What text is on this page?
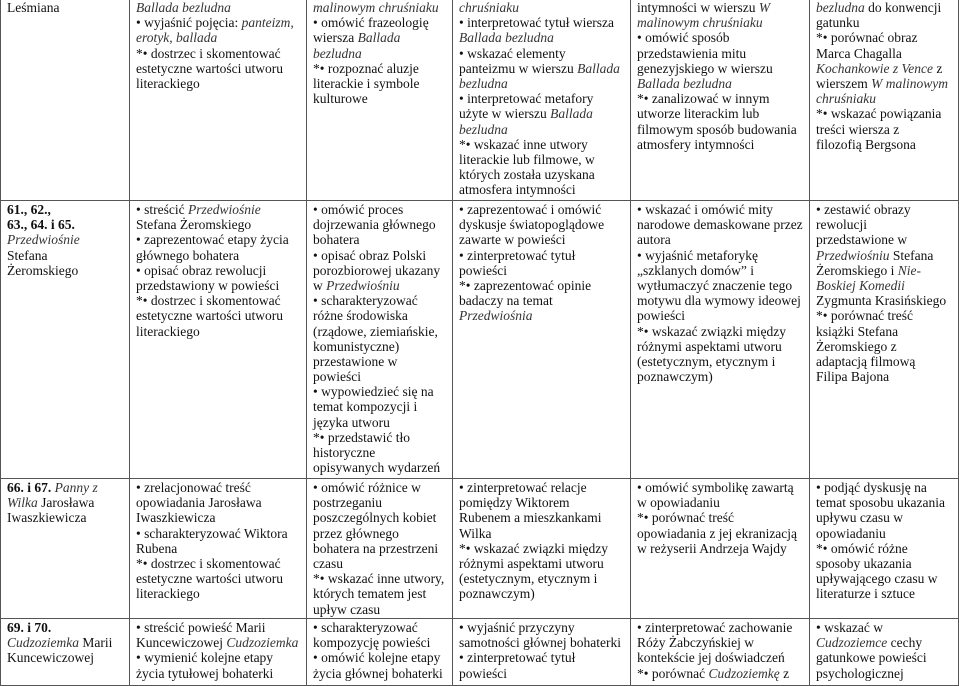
Leśmiana	Ballada bezludna
• wyjaśnić pojęcia: panteizm,
erotyk, ballada
*• dostrzec i skomentować
estetyczne wartości utworu
literackiego
malinowym chruśniaku
• omówić frazeologię
wiersza Ballada
bezludna
*• rozpoznać aluzje
literackie i symbole
kulturowe
chruśniaku
• interpretować tytuł wiersza
Ballada bezludna
• wskazać elementy
panteizmu w wierszu Ballada
bezludna
• interpretować metafory
użyte w wierszu Ballada
bezludna
*• wskazać inne utwory
literackie lub filmowe, w
których została uzyskana
atmosfera intymności
intymności w wierszu W
malinowym chruśniaku
• omówić sposób
przedstawienia mitu
genezyjskiego w wierszu
Ballada bezludna
*• zanalizować w innym
utworze literackim lub
filmowym sposób budowania
atmosfery intymności
bezludna do konwencji
gatunku
*• porównać obraz
Marca Chagalla
Kochankowie z Vence z
wierszem W malinowym
chruśniaku
*• wskazać powiązania
treści wiersza z
filozofią Bergsona
61., 62.,
63., 64. i 65.
Przedwiośnie
Stefana
Żeromskiego
• streścić Przedwiośnie
Stefana Żeromskiego
• zaprezentować etapy życia
głównego bohatera
• opisać obraz rewolucji
przedstawiony w powieści
*• dostrzec i skomentować
estetyczne wartości utworu
literackiego
• omówić proces
dojrzewania głównego
bohatera
• opisać obraz Polski
porozbiorowej ukazany
w Przedwiośniu
• scharakteryzować
różne środowiska
(rządowe, ziemiańskie,
komunistyczne)
przestawione w
powieści
• wypowiedzieć się na
temat kompozycji i
języka utworu
*• przedstawić tło
historyczne
opisywanych wydarzeń
• zaprezentować i omówić
dyskusje światopoglądowe
zawarte w powieści
• zinterpretować tytuł
powieści
*• zaprezentować opinie
badaczy na temat
Przedwiośnia
• wskazać i omówić mity
narodowe demaskowane przez
autora
• wyjaśnić metaforykę
„szklanych domów” i
wytłumaczyć znaczenie tego
motywu dla wymowy ideowej
powieści
*• wskazać związki między
różnymi aspektami utworu
(estetycznym, etycznym i
poznawczym)
• zestawić obrazy
rewolucji
przedstawione w
Przedwiośniu Stefana
Żeromskiego i Nie-
Boskiej Komedii
Zygmunta Krasińskiego
*• porównać treść
książki Stefana
Żeromskiego z
adaptacją filmową
Filipa Bajona
66. i 67. Panny z
Wilka Jarosława
Iwaszkiewicza
• zrelacjonować treść
opowiadania Jarosława
Iwaszkiewicza
• scharakteryzować Wiktora
Rubena
*• dostrzec i skomentować
estetyczne wartości utworu
literackiego
• omówić różnice w
postrzeganiu
poszczególnych kobiet
przez głównego
bohatera na przestrzeni
czasu
*• wskazać inne utwory,
których tematem jest
upływ czasu
• zinterpretować relacje
pomiędzy Wiktorem
Rubenem a mieszkankami
Wilka
*• wskazać związki między
różnymi aspektami utworu
(estetycznym, etycznym i
poznawczym)
• omówić symbolikę zawartą
w opowiadaniu
*• porównać treść
opowiadania z jej ekranizacją
w reżyserii Andrzeja Wajdy
• podjąć dyskusję na
temat sposobu ukazania
upływu czasu w
opowiadaniu
*• omówić różne
sposoby ukazania
upływającego czasu w
literaturze i sztuce
69. i 70.
Cudzoziemka Marii
Kuncewiczowej
• streścić powieść Marii
Kuncewiczowej Cudzoziemka
• wymienić kolejne etapy
życia tytułowej bohaterki
• scharakteryzować
kompozycję powieści
• omówić kolejne etapy
życia głównej bohaterki
• wyjaśnić przyczyny
samotności głównej bohaterki
• zinterpretować tytuł
powieści
• zinterpretować zachowanie
Róży Żabczyńskiej w
kontekście jej doświadczeń
*• porównać Cudzoziemkę z
• wskazać w
Cudzoziemce cechy
gatunkowe powieści
psychologicznej
